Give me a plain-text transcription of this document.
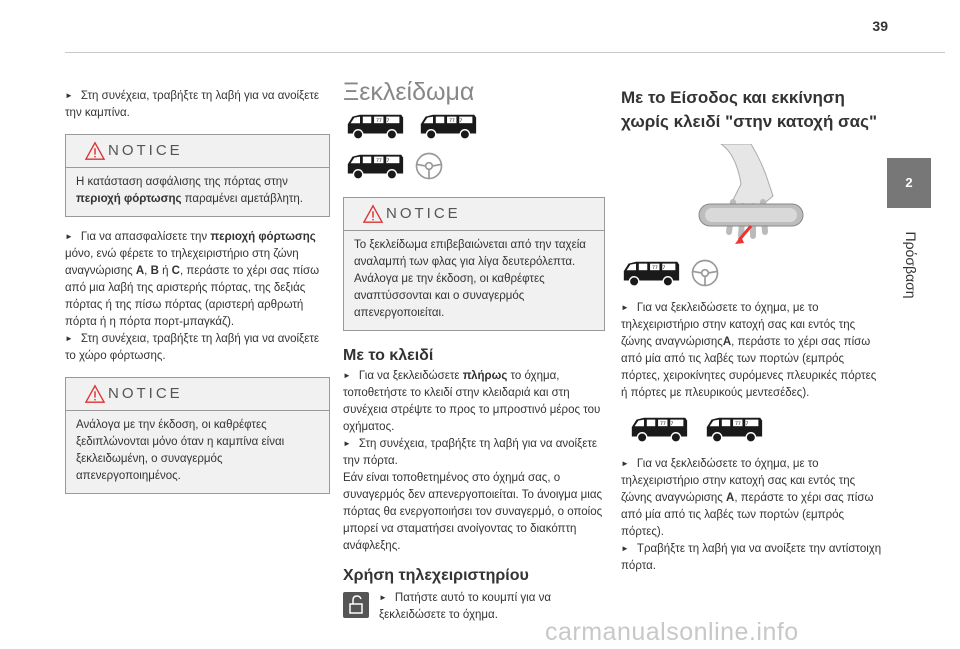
39
2
Πρόσβαση

► Στη συνέχεια, τραβήξτε τη λαβή για να ανοίξετε την καμπίνα.

NOTICE
Η κατάσταση ασφάλισης της πόρτας στην περιοχή φόρτωσης παραμένει αμετάβλητη.

► Για να απασφαλίσετε την περιοχή φόρτωσης μόνο, ενώ φέρετε το τηλεχειριστήριο στη ζώνη αναγνώρισης A, B ή C, περάστε το χέρι σας πίσω από μια λαβή της αριστερής πόρτας, της δεξιάς πόρτας ή της πίσω πόρτας (αριστερή αρθρωτή πόρτα ή η πόρτα πορτ-μπαγκάζ).

► Στη συνέχεια, τραβήξτε τη λαβή για να ανοίξετε το χώρο φόρτωσης.

NOTICE
Ανάλογα με την έκδοση, οι καθρέφτες ξεδιπλώνονται μόνο όταν η καμπίνα είναι ξεκλειδωμένη, ο συναγερμός απενεργοποιημένος.
Ξεκλείδωμα

NOTICE
Το ξεκλείδωμα επιβεβαιώνεται από την ταχεία αναλαμπή των φλας για λίγα δευτερόλεπτα. Ανάλογα με την έκδοση, οι καθρέφτες αναπτύσσονται και ο συναγερμός απενεργοποιείται.
Με το κλειδί

► Για να ξεκλειδώσετε πλήρως το όχημα, τοποθετήστε το κλειδί στην κλειδαριά και στη συνέχεια στρέψτε το προς το μπροστινό μέρος του οχήματος.

► Στη συνέχεια, τραβήξτε τη λαβή για να ανοίξετε την πόρτα.

Εάν είναι τοποθετημένος στο όχημά σας, ο συναγερμός δεν απενεργοποιείται. Το άνοιγμα μιας πόρτας θα ενεργοποιήσει τον συναγερμό, ο οποίος μπορεί να σταματήσει ανοίγοντας το διακόπτη ανάφλεξης.

Χρήση τηλεχειριστηρίου

► Πατήστε αυτό το κουμπί για να ξεκλειδώσετε το όχημα.

Με το Είσοδος και εκκίνηση χωρίς κλειδί "στην κατοχή σας"

► Για να ξεκλειδώσετε το όχημα, με το τηλεχειριστήριο στην κατοχή σας και εντός της ζώνης αναγνώρισηςA, περάστε το χέρι σας πίσω από μία από τις λαβές των πορτών (εμπρός πόρτες, χειροκίνητες συρόμενες πλευρικές πόρτες ή πόρτες με πλευρικούς μεντεσέδες).

► Για να ξεκλειδώσετε το όχημα, με το τηλεχειριστήριο στην κατοχή σας και εντός της ζώνης αναγνώρισης A, περάστε το χέρι σας πίσω από μία από τις λαβές των πορτών (εμπρός πόρτες).

► Τραβήξτε τη λαβή για να ανοίξετε την αντίστοιχη πόρτα.

carmanualsonline.info
